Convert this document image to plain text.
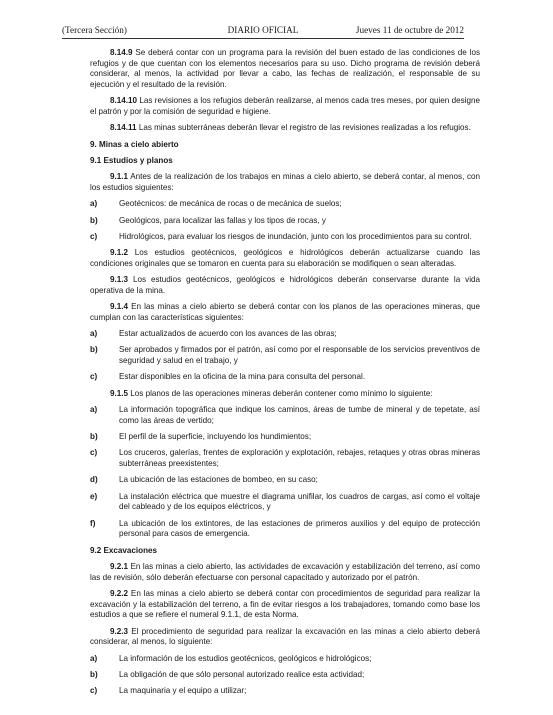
(Tercera Sección)	DIARIO OFICIAL	Jueves 11 de octubre de 2012
8.14.9 Se deberá contar con un programa para la revisión del buen estado de las condiciones de los refugios y de que cuentan con los elementos necesarios para su uso. Dicho programa de revisión deberá considerar, al menos, la actividad por llevar a cabo, las fechas de realización, el responsable de su ejecución y el resultado de la revisión.
8.14.10 Las revisiones a los refugios deberán realizarse, al menos cada tres meses, por quien designe el patrón y por la comisión de seguridad e higiene.
8.14.11 Las minas subterráneas deberán llevar el registro de las revisiones realizadas a los refugios.
9. Minas a cielo abierto
9.1 Estudios y planos
9.1.1 Antes de la realización de los trabajos en minas a cielo abierto, se deberá contar, al menos, con los estudios siguientes:
a)	Geotécnicos: de mecánica de rocas o de mecánica de suelos;
b)	Geológicos, para localizar las fallas y los tipos de rocas, y
c)	Hidrológicos, para evaluar los riesgos de inundación, junto con los procedimientos para su control.
9.1.2 Los estudios geotécnicos, geológicos e hidrológicos deberán actualizarse cuando las condiciones originales que se tomaron en cuenta para su elaboración se modifiquen o sean alteradas.
9.1.3 Los estudios geotécnicos, geológicos e hidrológicos deberán conservarse durante la vida operativa de la mina.
9.1.4 En las minas a cielo abierto se deberá contar con los planos de las operaciones mineras, que cumplan con las características siguientes:
a)	Estar actualizados de acuerdo con los avances de las obras;
b)	Ser aprobados y firmados por el patrón, así como por el responsable de los servicios preventivos de seguridad y salud en el trabajo, y
c)	Estar disponibles en la oficina de la mina para consulta del personal.
9.1.5 Los planos de las operaciones mineras deberán contener como mínimo lo siguiente:
a)	La información topográfica que indique los caminos, áreas de tumbe de mineral y de tepetate, así como las áreas de vertido;
b)	El perfil de la superficie, incluyendo los hundimientos;
c)	Los cruceros, galerías, frentes de exploración y explotación, rebajes, retaques y otras obras mineras subterráneas preexistentes;
d)	La ubicación de las estaciones de bombeo, en su caso;
e)	La instalación eléctrica que muestre el diagrama unifilar, los cuadros de cargas, así como el voltaje del cableado y de los equipos eléctricos, y
f)	La ubicación de los extintores, de las estaciones de primeros auxilios y del equipo de protección personal para casos de emergencia.
9.2 Excavaciones
9.2.1 En las minas a cielo abierto, las actividades de excavación y estabilización del terreno, así como las de revisión, sólo deberán efectuarse con personal capacitado y autorizado por el patrón.
9.2.2 En las minas a cielo abierto se deberá contar con procedimientos de seguridad para realizar la excavación y la estabilización del terreno, a fin de evitar riesgos a los trabajadores, tomando como base los estudios a que se refiere el numeral 9.1.1, de esta Norma.
9.2.3 El procedimiento de seguridad para realizar la excavación en las minas a cielo abierto deberá considerar, al menos, lo siguiente:
a)	La información de los estudios geotécnicos, geológicos e hidrológicos;
b)	La obligación de que sólo personal autorizado realice esta actividad;
c)	La maquinaria y el equipo a utilizar;
